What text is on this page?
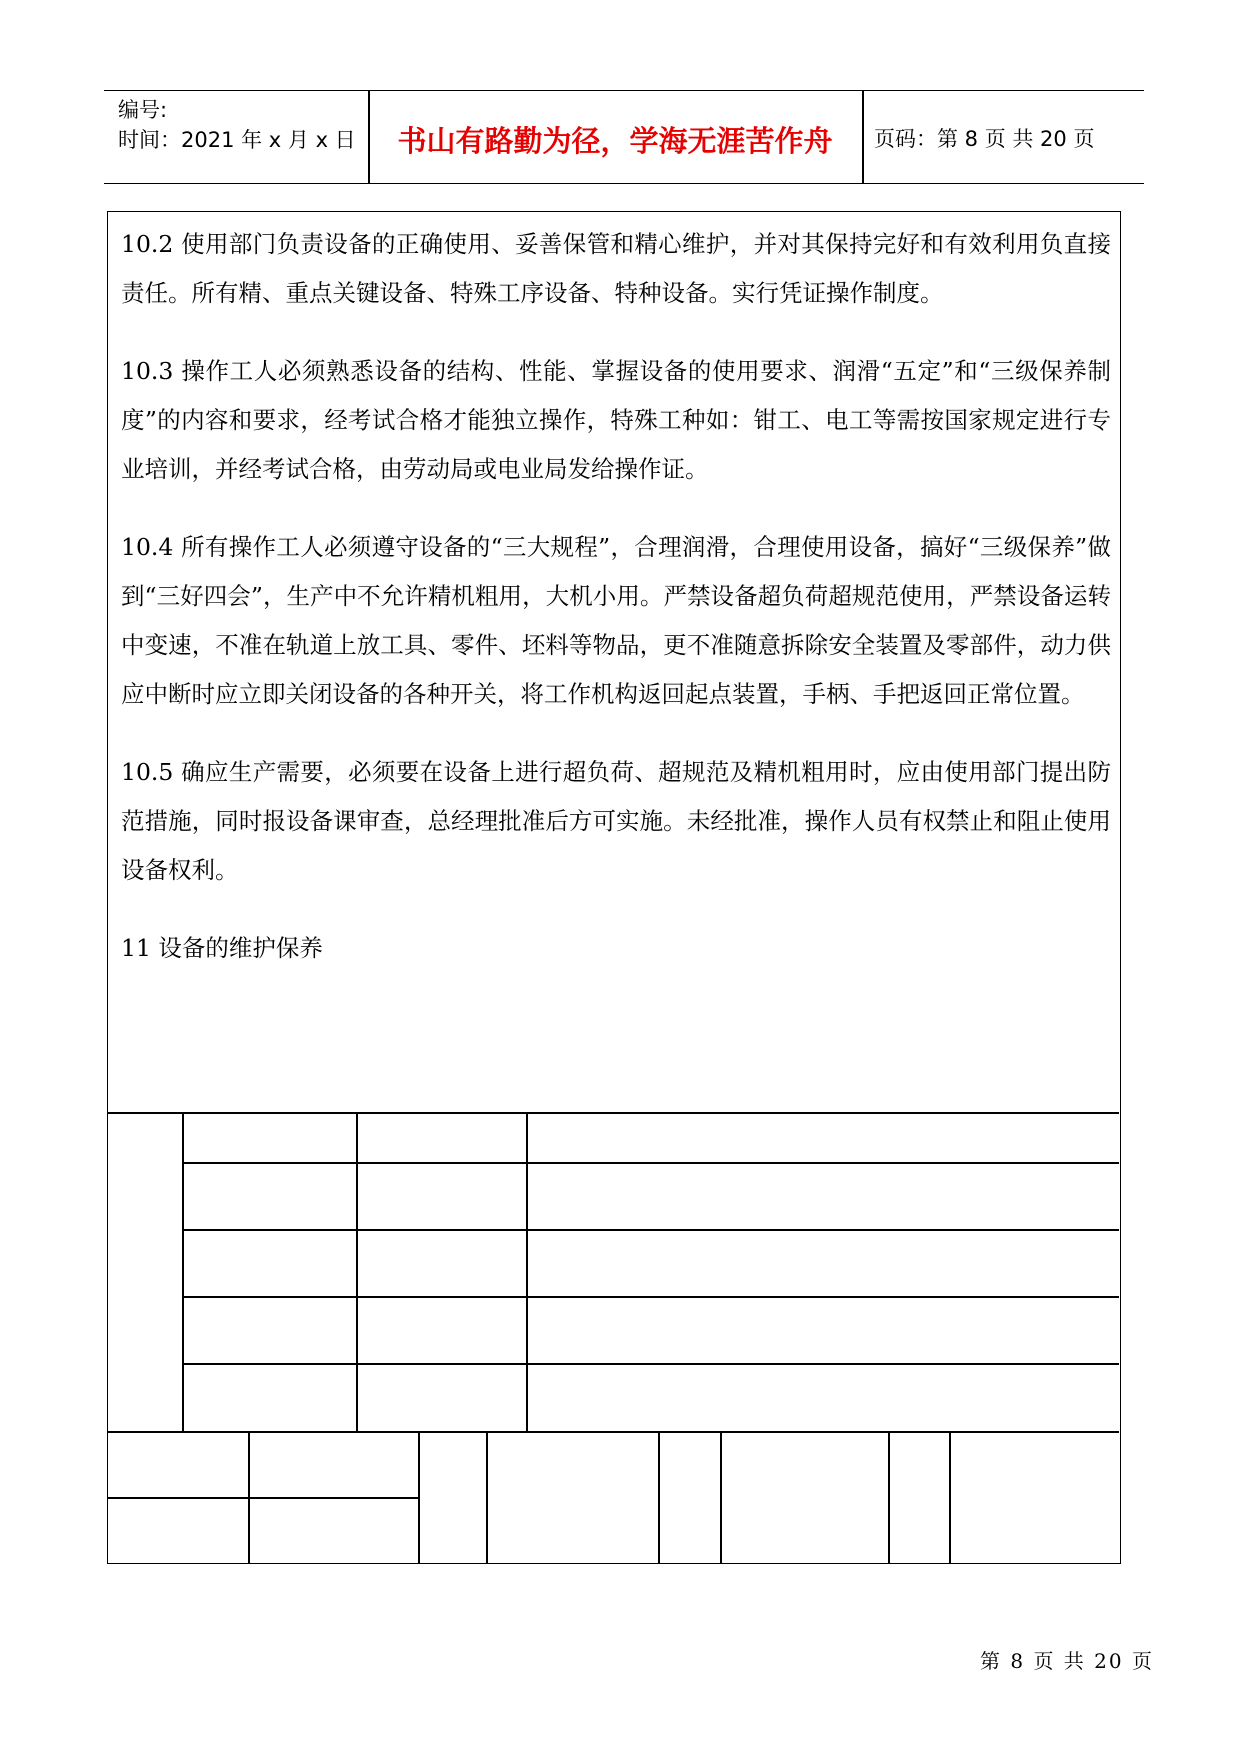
编号:
时间：2021 年 x 月 x 日	书山有路勤为径，学海无涯苦作舟	页码：第 8 页 共 20 页

10.2 使用部门负责设备的正确使用、妥善保管和精心维护，并对其保持完好和有效利用负直接责任。所有精、重点关键设备、特殊工序设备、特种设备。实行凭证操作制度。

10.3 操作工人必须熟悉设备的结构、性能、掌握设备的使用要求、润滑“五定”和“三级保养制度”的内容和要求，经考试合格才能独立操作，特殊工种如：钳工、电工等需按国家规定进行专业培训，并经考试合格，由劳动局或电业局发给操作证。

10.4 所有操作工人必须遵守设备的“三大规程”，合理润滑，合理使用设备，搞好“三级保养”做到“三好四会”，生产中不允许精机粗用，大机小用。严禁设备超负荷超规范使用，严禁设备运转中变速，不准在轨道上放工具、零件、坯料等物品，更不准随意拆除安全装置及零部件，动力供应中断时应立即关闭设备的各种开关，将工作机构返回起点装置，手柄、手把返回正常位置。

10.5 确应生产需要，必须要在设备上进行超负荷、超规范及精机粗用时，应由使用部门提出防范措施，同时报设备课审查，总经理批准后方可实施。未经批准，操作人员有权禁止和阻止使用设备权利。

11 设备的维护保养

第 8 页 共 20 页
